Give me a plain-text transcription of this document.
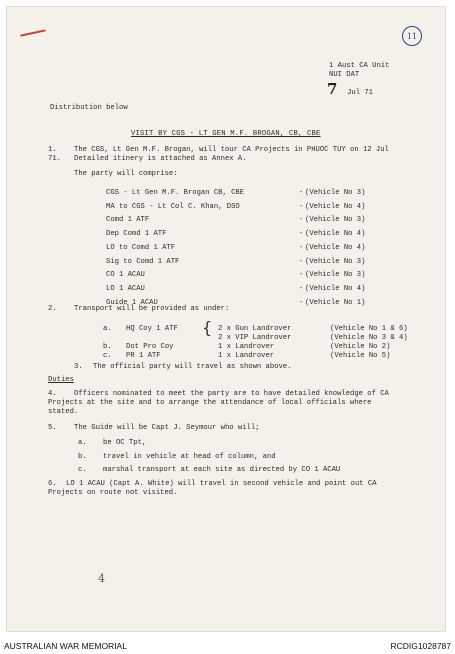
11
1 Aust CA Unit
NUI DAT
7 Jul 71
Distribution below
VISIT BY CGS - LT GEN M.F. BROGAN, CB, CBE
1. The CGS, Lt Gen M.F. Brogan, will tour CA Projects in PHUOC TUY on 12 Jul
71. Detailed itinery is attached as Annex A.
The party will comprise:
CGS - Lt Gen M.F. Brogan CB, CBE	- (Vehicle No 3)
MA to CGS - Lt Col C. Khan, DSO	- (Vehicle No 4)
Comd 1 ATF	- (Vehicle No 3)
Dep Comd 1 ATF	- (Vehicle No 4)
LO to Comd 1 ATF	- (Vehicle No 4)
Sig to Comd 1 ATF	- (Vehicle No 3)
CO 1 ACAU	- (Vehicle No 3)
LO 1 ACAU	- (Vehicle No 4)
Guide 1 ACAU	- (Vehicle No 1)
2. Transport will be provided as under:
a. HQ Coy 1 ATF	2 x Gun Landrover	(Vehicle No 1 & 6)
2 x VIP Landrover	(Vehicle No 3 & 4)
b. Dot Pro Coy	1 x Landrover	(Vehicle No 2)
c. PR 1 ATF	1 x Landrover	(Vehicle No 5)
{
3. The official party will travel as shown above.
Duties
4. Officers nominated to meet the party are to have detailed knowledge of CA
Projects at the site and to arrange the attendance of local officials where
stated.
5. The Guide will be Capt J. Seymour who will;
a. be OC Tpt,
b. travel in vehicle at head of column, and
c. marshal transport at each site as directed by CO 1 ACAU
6. LO 1 ACAU (Capt A. White) will travel in second vehicle and point out CA
Projects on route not visited.
4
AUSTRALIAN WAR MEMORIAL	RCDIG1028787
